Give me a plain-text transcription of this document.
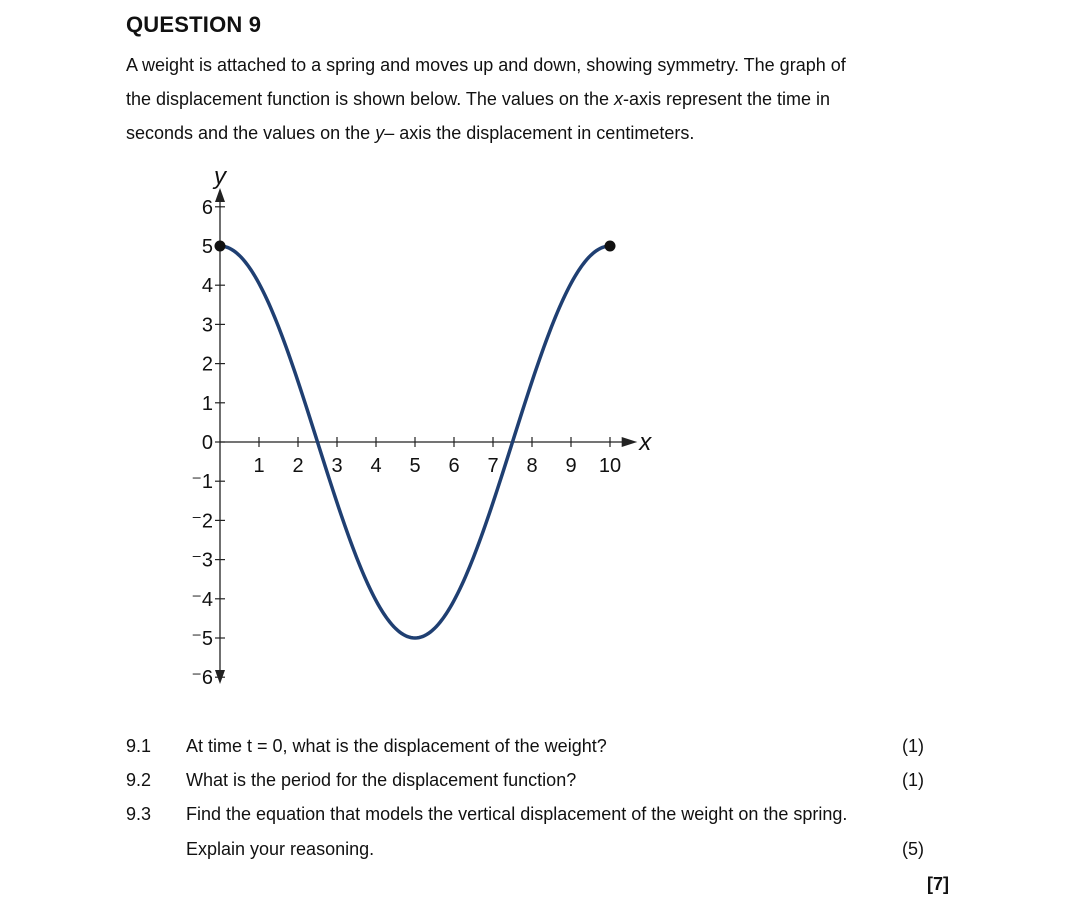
QUESTION 9

A weight is attached to a spring and moves up and down, showing symmetry. The graph of

the displacement function is shown below. The values on the x-axis represent the time in

seconds and the values on the y– axis the displacement in centimeters.

1 2 3 4 5 6 7 8 9 10
6
5
4
3
2
1
0
⁻1
⁻2
⁻3
⁻4
⁻5
⁻6
x
y
9.1	At time t = 0, what is the displacement of the weight?	(1)
9.2	What is the period for the displacement function?	(1)
9.3	Find the equation that models the vertical displacement of the weight on the spring.
Explain your reasoning.	(5)
[7]
